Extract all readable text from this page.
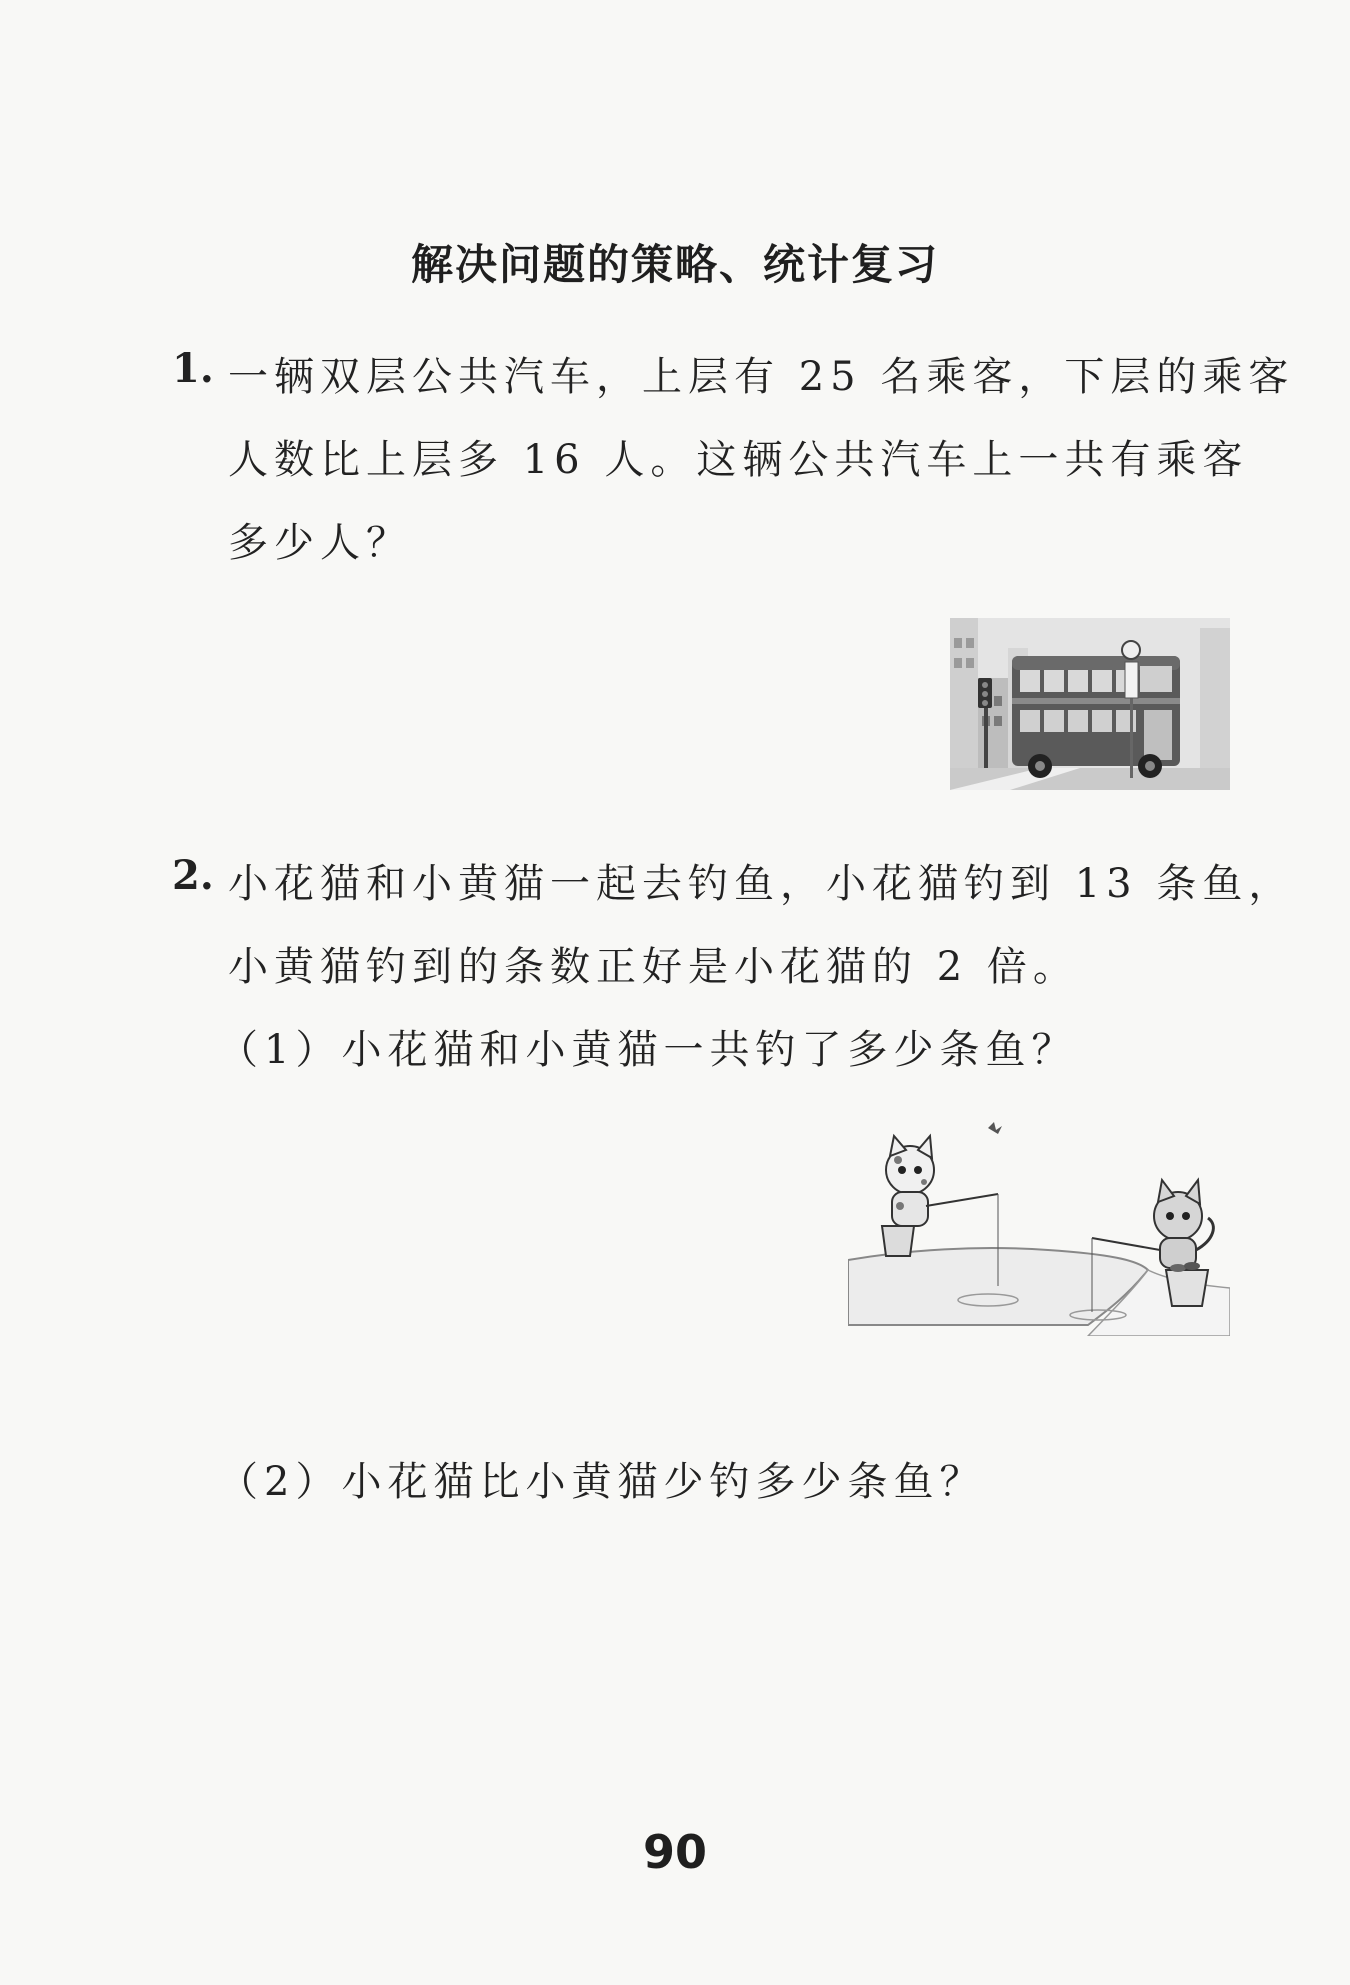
解决问题的策略、统计复习
1. 一辆双层公共汽车，上层有 25 名乘客，下层的乘客
人数比上层多 16 人。这辆公共汽车上一共有乘客
多少人？
2. 小花猫和小黄猫一起去钓鱼，小花猫钓到 13 条鱼，
小黄猫钓到的条数正好是小花猫的 2 倍。
（1）小花猫和小黄猫一共钓了多少条鱼？
（2）小花猫比小黄猫少钓多少条鱼？
90
